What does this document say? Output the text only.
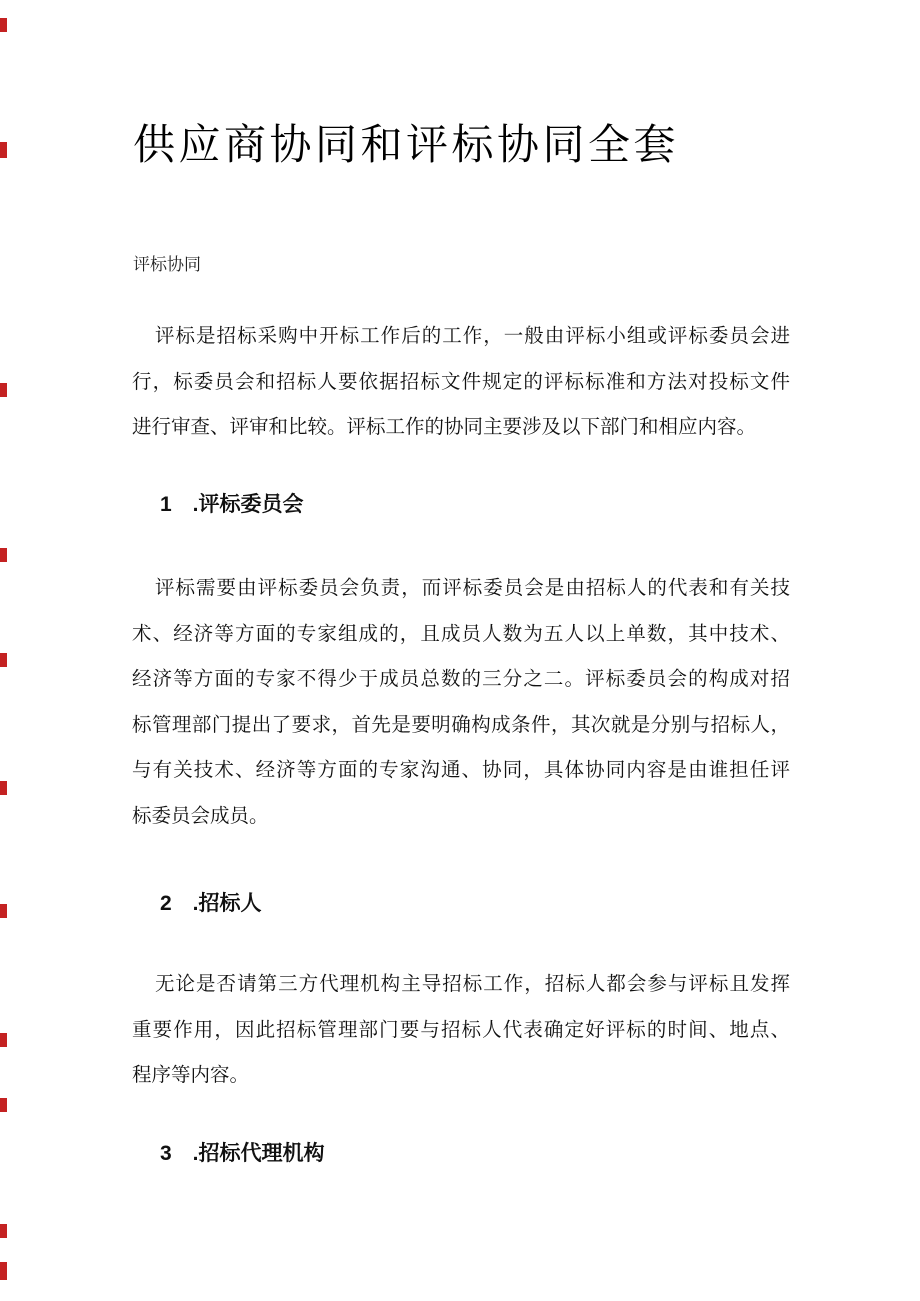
供应商协同和评标协同全套
评标协同
评标是招标采购中开标工作后的工作，一般由评标小组或评标委员会进
行，标委员会和招标人要依据招标文件规定的评标标准和方法对投标文件
进行审查、评审和比较。评标工作的协同主要涉及以下部门和相应内容。
1 .评标委员会
评标需要由评标委员会负责，而评标委员会是由招标人的代表和有关技
术、经济等方面的专家组成的，且成员人数为五人以上单数，其中技术、
经济等方面的专家不得少于成员总数的三分之二。评标委员会的构成对招
标管理部门提出了要求，首先是要明确构成条件，其次就是分别与招标人，
与有关技术、经济等方面的专家沟通、协同，具体协同内容是由谁担任评
标委员会成员。
2 .招标人
无论是否请第三方代理机构主导招标工作，招标人都会参与评标且发挥
重要作用，因此招标管理部门要与招标人代表确定好评标的时间、地点、
程序等内容。
3 .招标代理机构
